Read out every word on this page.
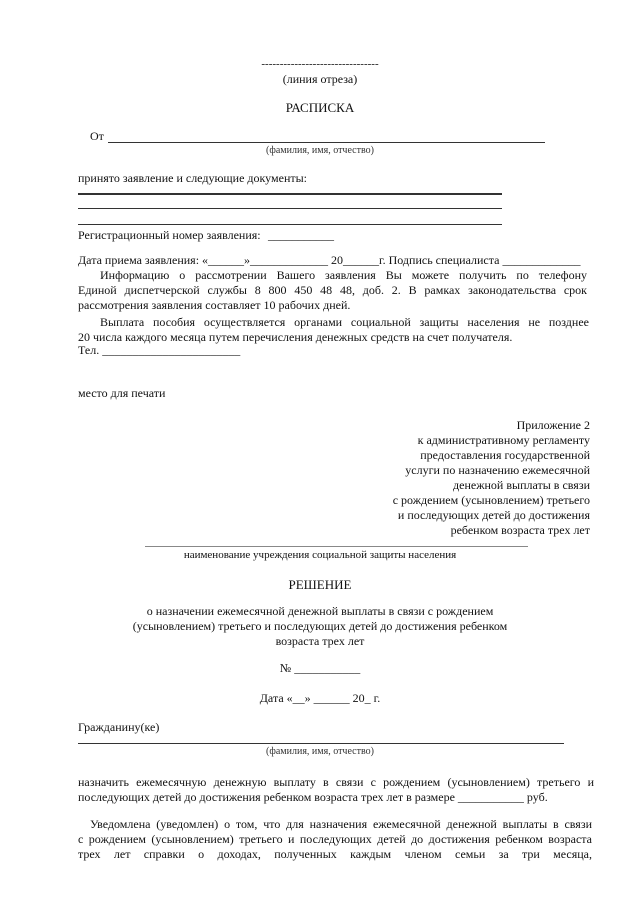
--------------------------------
(линия отреза)
РАСПИСКА
От
(фамилия, имя, отчество)
принято заявление и следующие документы:
Регистрационный номер заявления: ___________
Дата приема заявления: «______»_____________ 20______г. Подпись специалиста _____________
Информацию о рассмотрении Вашего заявления Вы можете получить по телефону
Единой диспетчерской службы 8 800 450 48 48, доб. 2. В рамках законодательства срок
рассмотрения заявления составляет 10 рабочих дней.
Выплата пособия осуществляется органами социальной защиты населения не позднее
20 числа каждого месяца путем перечисления денежных средств на счет получателя.
Тел. _______________________
место для печати
Приложение 2
к административному регламенту
предоставления государственной
услуги по назначению ежемесячной
денежной выплаты в связи
с рождением (усыновлением) третьего
и последующих детей до достижения
ребенком возраста трех лет
наименование учреждения социальной защиты населения
РЕШЕНИЕ
о назначении ежемесячной денежной выплаты в связи с рождением
(усыновлением) третьего и последующих детей до достижения ребенком
возраста трех лет
№ ___________
Дата «__» ______ 20_ г.
Гражданину(ке)
(фамилия, имя, отчество)
назначить ежемесячную денежную выплату в связи с рождением (усыновлением) третьего и
последующих детей до достижения ребенком возраста трех лет в размере ___________ руб.
Уведомлена (уведомлен) о том, что для назначения ежемесячной денежной выплаты в связи
с рождением (усыновлением) третьего и последующих детей до достижения ребенком возраста
трех лет справки о доходах, полученных каждым членом семьи за три месяца,
